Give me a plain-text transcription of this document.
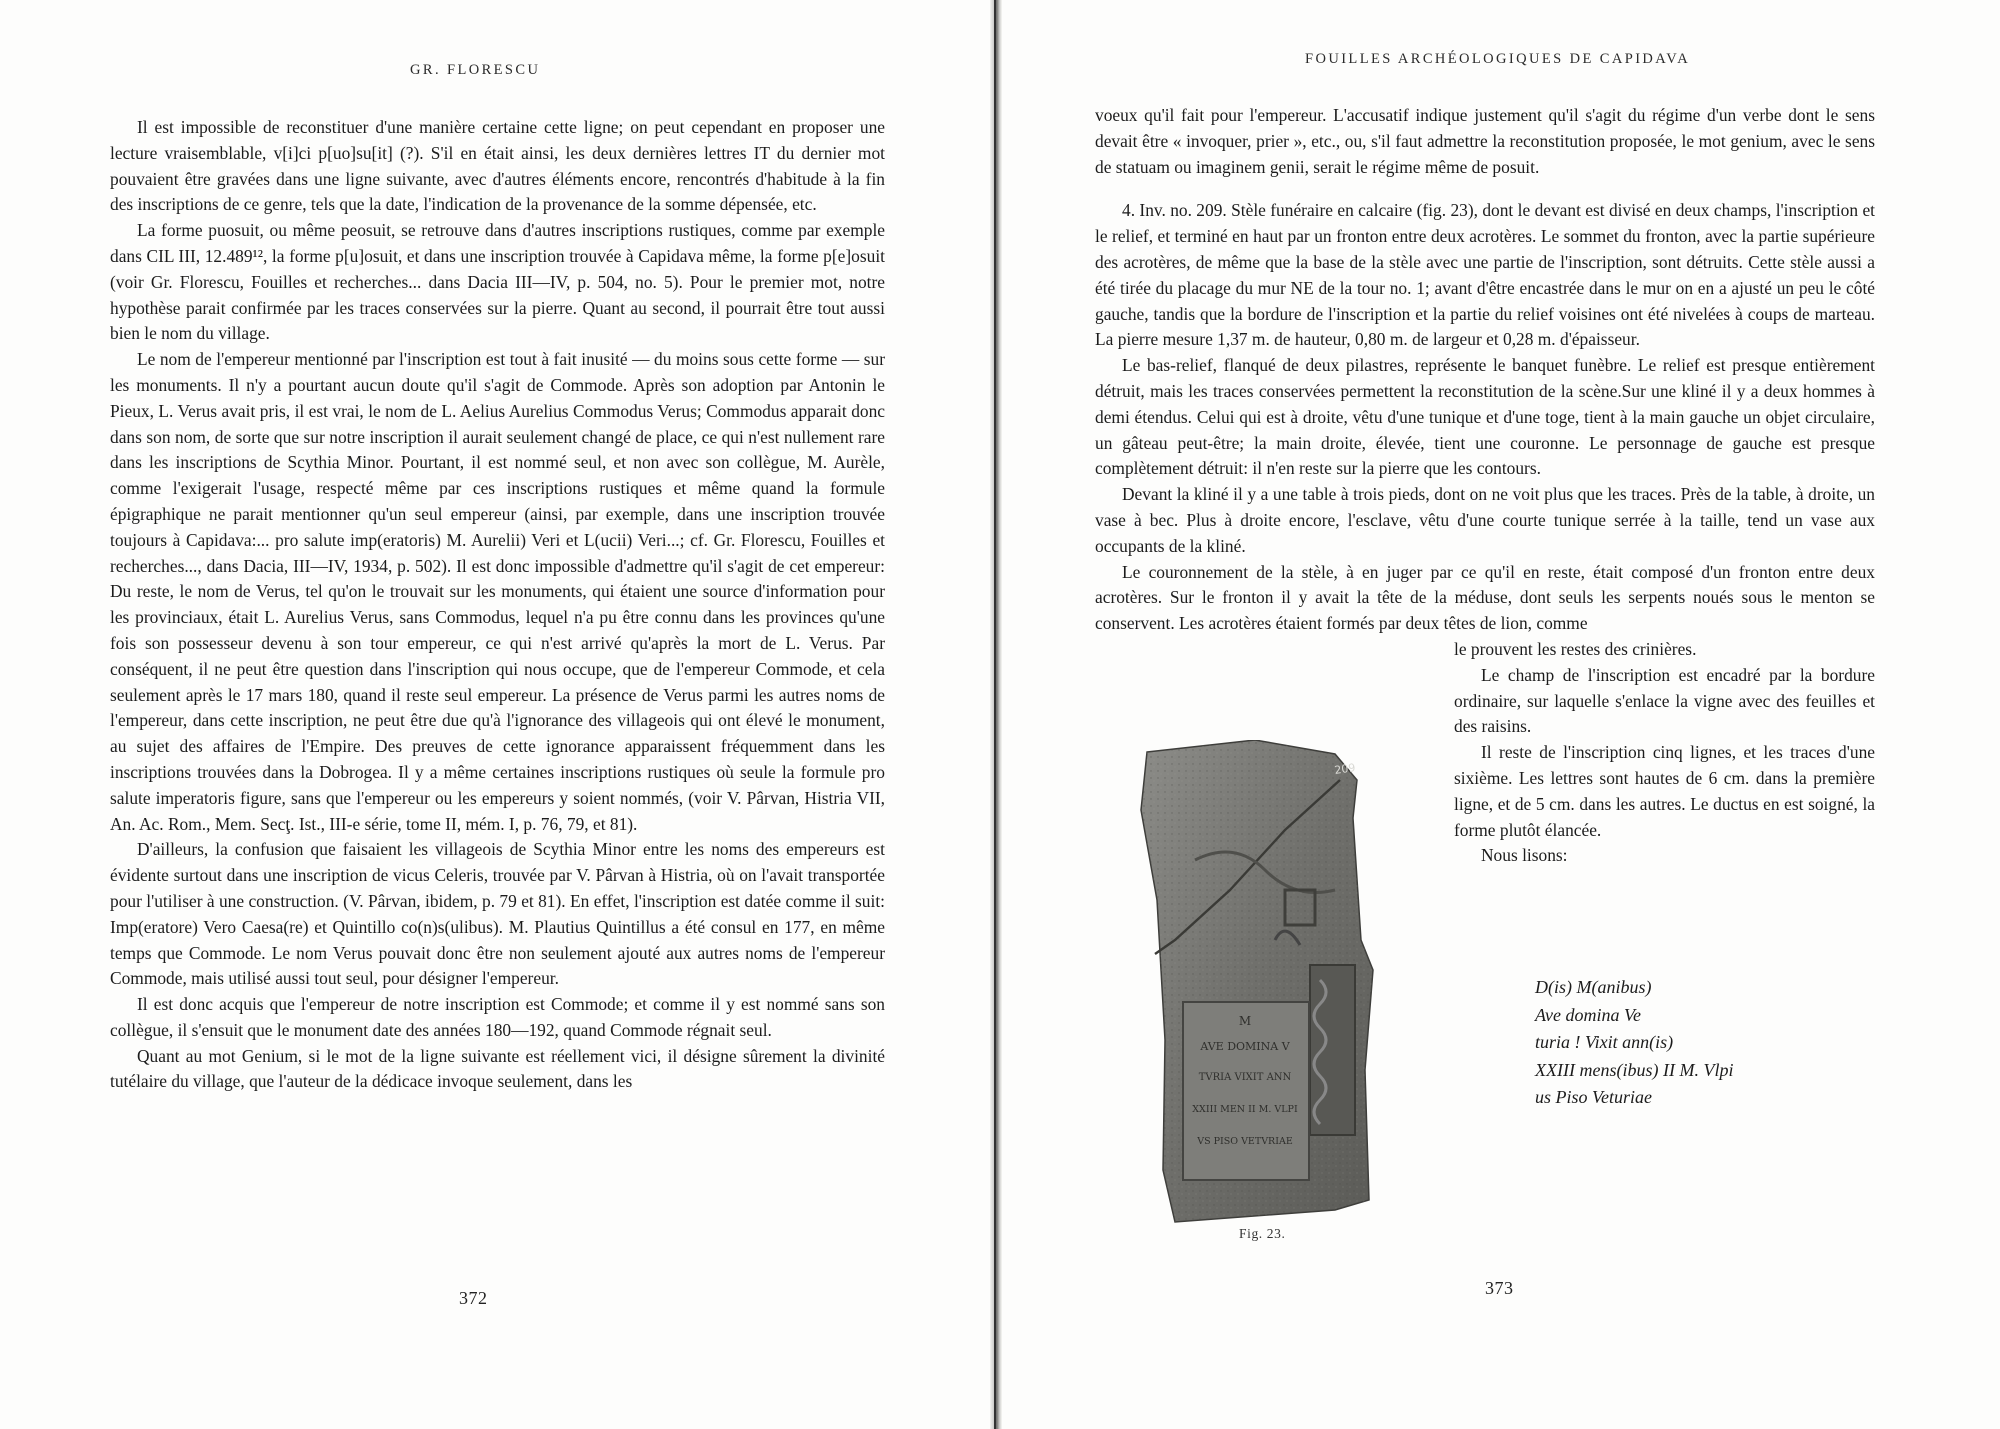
GR. FLORESCU

Il est impossible de reconstituer d'une manière certaine cette ligne; on peut cependant en proposer une lecture vraisemblable, v[i]ci p[uo]su[it] (?). S'il en était ainsi, les deux dernières lettres IT du dernier mot pouvaient être gravées dans une ligne suivante, avec d'autres éléments encore, rencontrés d'habitude à la fin des inscriptions de ce genre, tels que la date, l'indication de la provenance de la somme dépensée, etc.

La forme puosuit, ou même peosuit, se retrouve dans d'autres inscriptions rustiques, comme par exemple dans CIL III, 12.489¹², la forme p[u]osuit, et dans une inscription trouvée à Capidava même, la forme p[e]osuit (voir Gr. Florescu, Fouilles et recherches... dans Dacia III—IV, p. 504, no. 5). Pour le premier mot, notre hypothèse parait confirmée par les traces conservées sur la pierre. Quant au second, il pourrait être tout aussi bien le nom du village.

Le nom de l'empereur mentionné par l'inscription est tout à fait inusité — du moins sous cette forme — sur les monuments. Il n'y a pourtant aucun doute qu'il s'agit de Commode. Après son adoption par Antonin le Pieux, L. Verus avait pris, il est vrai, le nom de L. Aelius Aurelius Commodus Verus; Commodus apparait donc dans son nom, de sorte que sur notre inscription il aurait seulement changé de place, ce qui n'est nullement rare dans les inscriptions de Scythia Minor. Pourtant, il est nommé seul, et non avec son collègue, M. Aurèle, comme l'exigerait l'usage, respecté même par ces inscriptions rustiques et même quand la formule épigraphique ne parait mentionner qu'un seul empereur (ainsi, par exemple, dans une inscription trouvée toujours à Capidava:... pro salute imp(eratoris) M. Aurelii) Veri et L(ucii) Veri...; cf. Gr. Florescu, Fouilles et recherches..., dans Dacia, III—IV, 1934, p. 502). Il est donc impossible d'admettre qu'il s'agit de cet empereur: Du reste, le nom de Verus, tel qu'on le trouvait sur les monuments, qui étaient une source d'information pour les provinciaux, était L. Aurelius Verus, sans Commodus, lequel n'a pu être connu dans les provinces qu'une fois son possesseur devenu à son tour empereur, ce qui n'est arrivé qu'après la mort de L. Verus. Par conséquent, il ne peut être question dans l'inscription qui nous occupe, que de l'empereur Commode, et cela seulement après le 17 mars 180, quand il reste seul empereur. La présence de Verus parmi les autres noms de l'empereur, dans cette inscription, ne peut être due qu'à l'ignorance des villageois qui ont élevé le monument, au sujet des affaires de l'Empire. Des preuves de cette ignorance apparaissent fréquemment dans les inscriptions trouvées dans la Dobrogea. Il y a même certaines inscriptions rustiques où seule la formule pro salute imperatoris figure, sans que l'empereur ou les empereurs y soient nommés, (voir V. Pârvan, Histria VII, An. Ac. Rom., Mem. Secţ. Ist., III-e série, tome II, mém. I, p. 76, 79, et 81).

D'ailleurs, la confusion que faisaient les villageois de Scythia Minor entre les noms des empereurs est évidente surtout dans une inscription de vicus Celeris, trouvée par V. Pârvan à Histria, où on l'avait transportée pour l'utiliser à une construction. (V. Pârvan, ibidem, p. 79 et 81). En effet, l'inscription est datée comme il suit: Imp(eratore) Vero Caesa(re) et Quintillo co(n)s(ulibus). M. Plautius Quintillus a été consul en 177, en même temps que Commode. Le nom Verus pouvait donc être non seulement ajouté aux autres noms de l'empereur Commode, mais utilisé aussi tout seul, pour désigner l'empereur.

Il est donc acquis que l'empereur de notre inscription est Commode; et comme il y est nommé sans son collègue, il s'ensuit que le monument date des années 180—192, quand Commode régnait seul.

Quant au mot Genium, si le mot de la ligne suivante est réellement vici, il désigne sûrement la divinité tutélaire du village, que l'auteur de la dédicace invoque seulement, dans les

372
FOUILLES ARCHÉOLOGIQUES DE CAPIDAVA

voeux qu'il fait pour l'empereur. L'accusatif indique justement qu'il s'agit du régime d'un verbe dont le sens devait être « invoquer, prier », etc., ou, s'il faut admettre la reconstitution proposée, le mot genium, avec le sens de statuam ou imaginem genii, serait le régime même de posuit.

4. Inv. no. 209. Stèle funéraire en calcaire (fig. 23), dont le devant est divisé en deux champs, l'inscription et le relief, et terminé en haut par un fronton entre deux acrotères. Le sommet du fronton, avec la partie supérieure des acrotères, de même que la base de la stèle avec une partie de l'inscription, sont détruits. Cette stèle aussi a été tirée du placage du mur NE de la tour no. 1; avant d'être encastrée dans le mur on en a ajusté un peu le côté gauche, tandis que la bordure de l'inscription et la partie du relief voisines ont été nivelées à coups de marteau. La pierre mesure 1,37 m. de hauteur, 0,80 m. de largeur et 0,28 m. d'épaisseur.

Le bas-relief, flanqué de deux pilastres, représente le banquet funèbre. Le relief est presque entièrement détruit, mais les traces conservées permettent la reconstitution de la scène.Sur une kliné il y a deux hommes à demi étendus. Celui qui est à droite, vêtu d'une tunique et d'une toge, tient à la main gauche un objet circulaire, un gâteau peut-être; la main droite, élevée, tient une couronne. Le personnage de gauche est presque complètement détruit: il n'en reste sur la pierre que les contours.

Devant la kliné il y a une table à trois pieds, dont on ne voit plus que les traces. Près de la table, à droite, un vase à bec. Plus à droite encore, l'esclave, vêtu d'une courte tunique serrée à la taille, tend un vase aux occupants de la kliné.

Le couronnement de la stèle, à en juger par ce qu'il en reste, était composé d'un fronton entre deux acrotères. Sur le fronton il y avait la tête de la méduse, dont seuls les serpents noués sous le menton se conservent. Les acrotères étaient formés par deux têtes de lion, comme

le prouvent les restes des crinières.

Le champ de l'inscription est encadré par la bordure ordinaire, sur laquelle s'enlace la vigne avec des feuilles et des raisins.

Il reste de l'inscription cinq lignes, et les traces d'une sixième. Les lettres sont hautes de 6 cm. dans la première ligne, et de 5 cm. dans les autres. Le ductus en est soigné, la forme plutôt élancée.

Nous lisons:

209
M
AVE DOMINA V
TVRIA VIXIT ANN
XXIII MEN II M. VLPI
VS PISO VETVRIAE
Fig. 23.
D(is) M(anibus)
Ave domina Ve
turia ! Vixit ann(is)
XXIII mens(ibus) II M. Vlpi
us Piso Veturiae
373
